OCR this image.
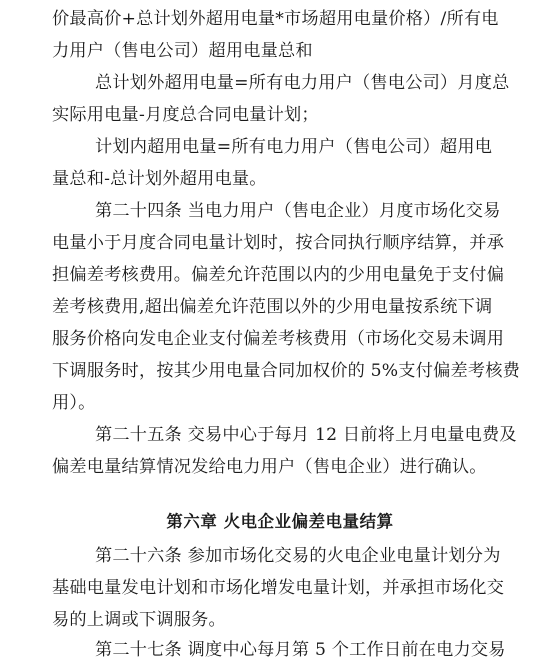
价最高价+总计划外超用电量*市场超用电量价格）/所有电
力用户（售电公司）超用电量总和
总计划外超用电量=所有电力用户（售电公司）月度总
实际用电量-月度总合同电量计划；
计划内超用电量=所有电力用户（售电公司）超用电
量总和-总计划外超用电量。
第二十四条 当电力用户（售电企业）月度市场化交易
电量小于月度合同电量计划时，按合同执行顺序结算，并承
担偏差考核费用。偏差允许范围以内的少用电量免于支付偏
差考核费用,超出偏差允许范围以外的少用电量按系统下调
服务价格向发电企业支付偏差考核费用（市场化交易未调用
下调服务时，按其少用电量合同加权价的 5%支付偏差考核费
用）。
第二十五条 交易中心于每月 12 日前将上月电量电费及
偏差电量结算情况发给电力用户（售电企业）进行确认。
第六章 火电企业偏差电量结算
第二十六条 参加市场化交易的火电企业电量计划分为
基础电量发电计划和市场化增发电量计划，并承担市场化交
易的上调或下调服务。
第二十七条 调度中心每月第 5 个工作日前在电力交易
